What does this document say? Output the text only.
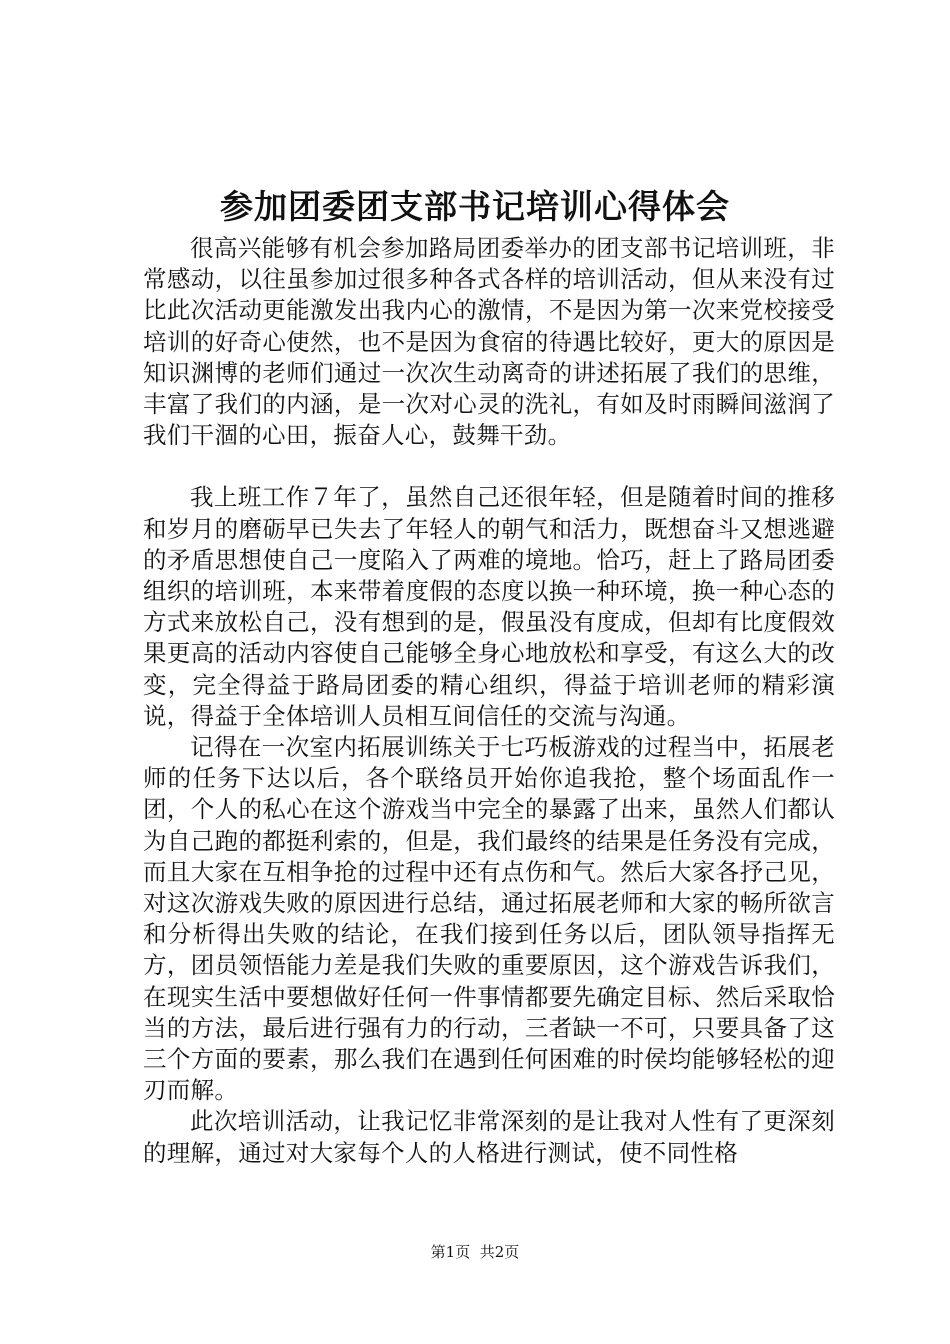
参加团委团支部书记培训心得体会

很高兴能够有机会参加路局团委举办的团支部书记培训班，非常感动，以往虽参加过很多种各式各样的培训活动，但从来没有过比此次活动更能激发出我内心的激情，不是因为第一次来党校接受培训的好奇心使然，也不是因为食宿的待遇比较好，更大的原因是知识渊博的老师们通过一次次生动离奇的讲述拓展了我们的思维，丰富了我们的内涵，是一次对心灵的洗礼，有如及时雨瞬间滋润了我们干涸的心田，振奋人心，鼓舞干劲。

我上班工作７年了，虽然自己还很年轻，但是随着时间的推移和岁月的磨砺早已失去了年轻人的朝气和活力，既想奋斗又想逃避的矛盾思想使自己一度陷入了两难的境地。恰巧，赶上了路局团委组织的培训班，本来带着度假的态度以换一种环境，换一种心态的方式来放松自己，没有想到的是，假虽没有度成，但却有比度假效果更高的活动内容使自己能够全身心地放松和享受，有这么大的改变，完全得益于路局团委的精心组织，得益于培训老师的精彩演说，得益于全体培训人员相互间信任的交流与沟通。

记得在一次室内拓展训练关于七巧板游戏的过程当中，拓展老师的任务下达以后，各个联络员开始你追我抢，整个场面乱作一团，个人的私心在这个游戏当中完全的暴露了出来，虽然人们都认为自己跑的都挺利索的，但是，我们最终的结果是任务没有完成，而且大家在互相争抢的过程中还有点伤和气。然后大家各抒己见，对这次游戏失败的原因进行总结，通过拓展老师和大家的畅所欲言和分析得出失败的结论，在我们接到任务以后，团队领导指挥无方，团员领悟能力差是我们失败的重要原因，这个游戏告诉我们，在现实生活中要想做好任何一件事情都要先确定目标、然后采取恰当的方法，最后进行强有力的行动，三者缺一不可，只要具备了这三个方面的要素，那么我们在遇到任何困难的时侯均能够轻松的迎刃而解。

此次培训活动，让我记忆非常深刻的是让我对人性有了更深刻的理解，通过对大家每个人的人格进行测试，使不同性格

第1页 共2页
